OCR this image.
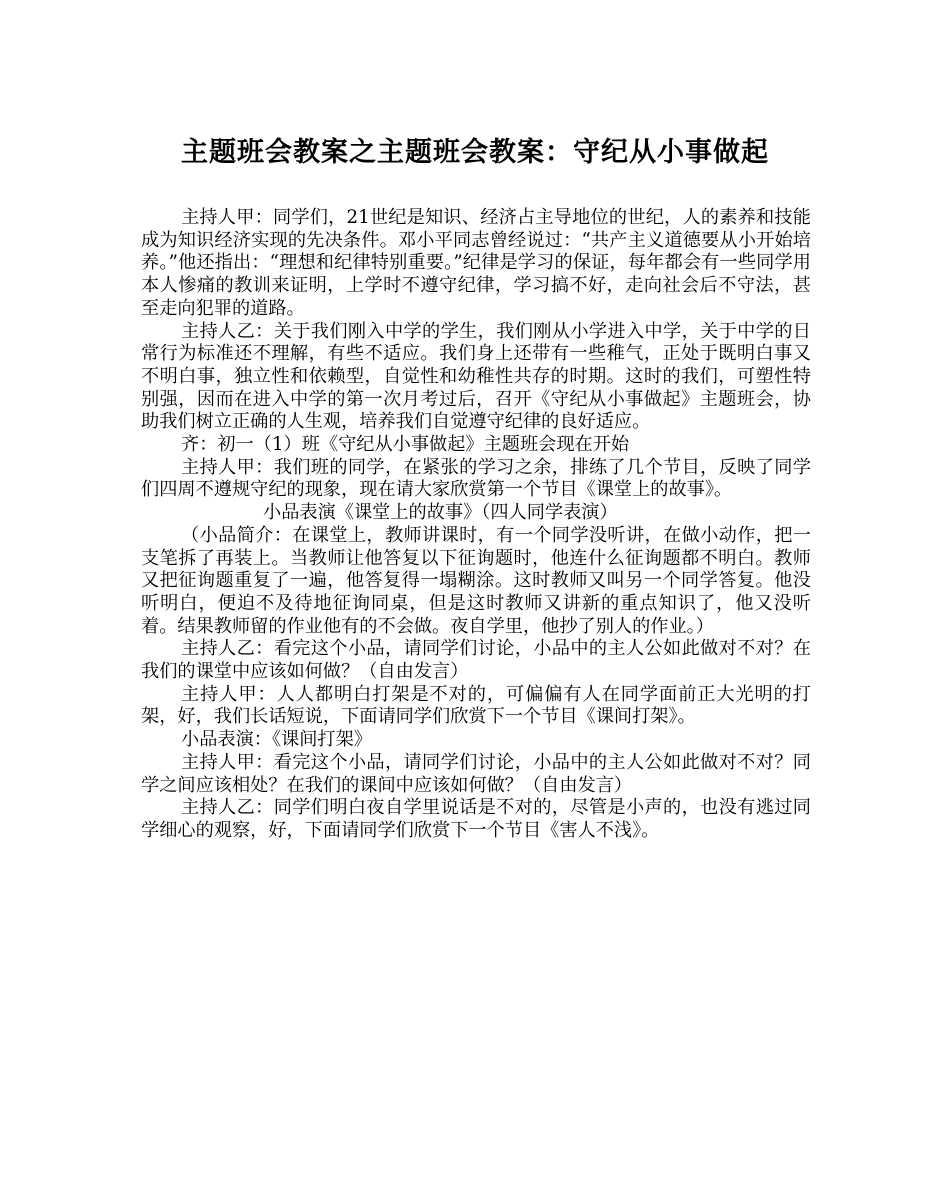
主题班会教案之主题班会教案：守纪从小事做起

主持人甲：同学们，21世纪是知识、经济占主导地位的世纪，人的素养和技能成为知识经济实现的先决条件。邓小平同志曾经说过：“共产主义道德要从小开始培养。”他还指出：“理想和纪律特别重要。”纪律是学习的保证，每年都会有一些同学用本人惨痛的教训来证明，上学时不遵守纪律，学习搞不好，走向社会后不守法，甚至走向犯罪的道路。

主持人乙：关于我们刚入中学的学生，我们刚从小学进入中学，关于中学的日常行为标准还不理解，有些不适应。我们身上还带有一些稚气，正处于既明白事又不明白事，独立性和依赖型，自觉性和幼稚性共存的时期。这时的我们，可塑性特别强，因而在进入中学的第一次月考过后，召开《守纪从小事做起》主题班会，协助我们树立正确的人生观，培养我们自觉遵守纪律的良好适应。

齐：初一（1）班《守纪从小事做起》主题班会现在开始

主持人甲：我们班的同学，在紧张的学习之余，排练了几个节目，反映了同学们四周不遵规守纪的现象，现在请大家欣赏第一个节目《课堂上的故事》。

小品表演《课堂上的故事》（四人同学表演）

（小品简介：在课堂上，教师讲课时，有一个同学没听讲，在做小动作，把一支笔拆了再装上。当教师让他答复以下征询题时，他连什么征询题都不明白。教师又把征询题重复了一遍，他答复得一塌糊涂。这时教师又叫另一个同学答复。他没听明白，便迫不及待地征询同桌，但是这时教师又讲新的重点知识了，他又没听着。结果教师留的作业他有的不会做。夜自学里，他抄了别人的作业。）

主持人乙：看完这个小品，请同学们讨论，小品中的主人公如此做对不对？在我们的课堂中应该如何做？（自由发言）

主持人甲：人人都明白打架是不对的，可偏偏有人在同学面前正大光明的打架，好，我们长话短说，下面请同学们欣赏下一个节目《课间打架》。

小品表演：《课间打架》

主持人甲：看完这个小品，请同学们讨论，小品中的主人公如此做对不对？同学之间应该相处？在我们的课间中应该如何做？（自由发言）

主持人乙：同学们明白夜自学里说话是不对的，尽管是小声的，也没有逃过同学细心的观察，好，下面请同学们欣赏下一个节目《害人不浅》。
